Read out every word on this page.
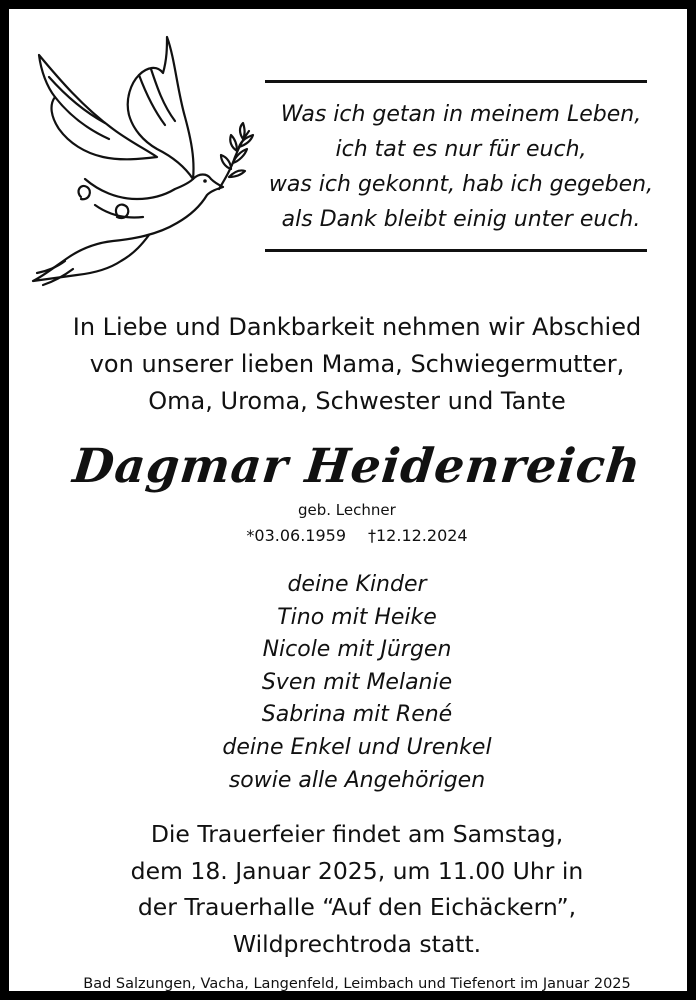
Was ich getan in meinem Leben,
ich tat es nur für euch,
was ich gekonnt, hab ich gegeben,
als Dank bleibt einig unter euch.
In Liebe und Dankbarkeit nehmen wir Abschied
von unserer lieben Mama, Schwiegermutter,
Oma, Uroma, Schwester und Tante
Dagmar Heidenreich
geb. Lechner
*03.06.1959 †12.12.2024
deine Kinder
Tino mit Heike
Nicole mit Jürgen
Sven mit Melanie
Sabrina mit René
deine Enkel und Urenkel
sowie alle Angehörigen
Die Trauerfeier findet am Samstag,
dem 18. Januar 2025, um 11.00 Uhr in
der Trauerhalle “Auf den Eichäckern”,
Wildprechtroda statt.
Bad Salzungen, Vacha, Langenfeld, Leimbach und Tiefenort im Januar 2025
